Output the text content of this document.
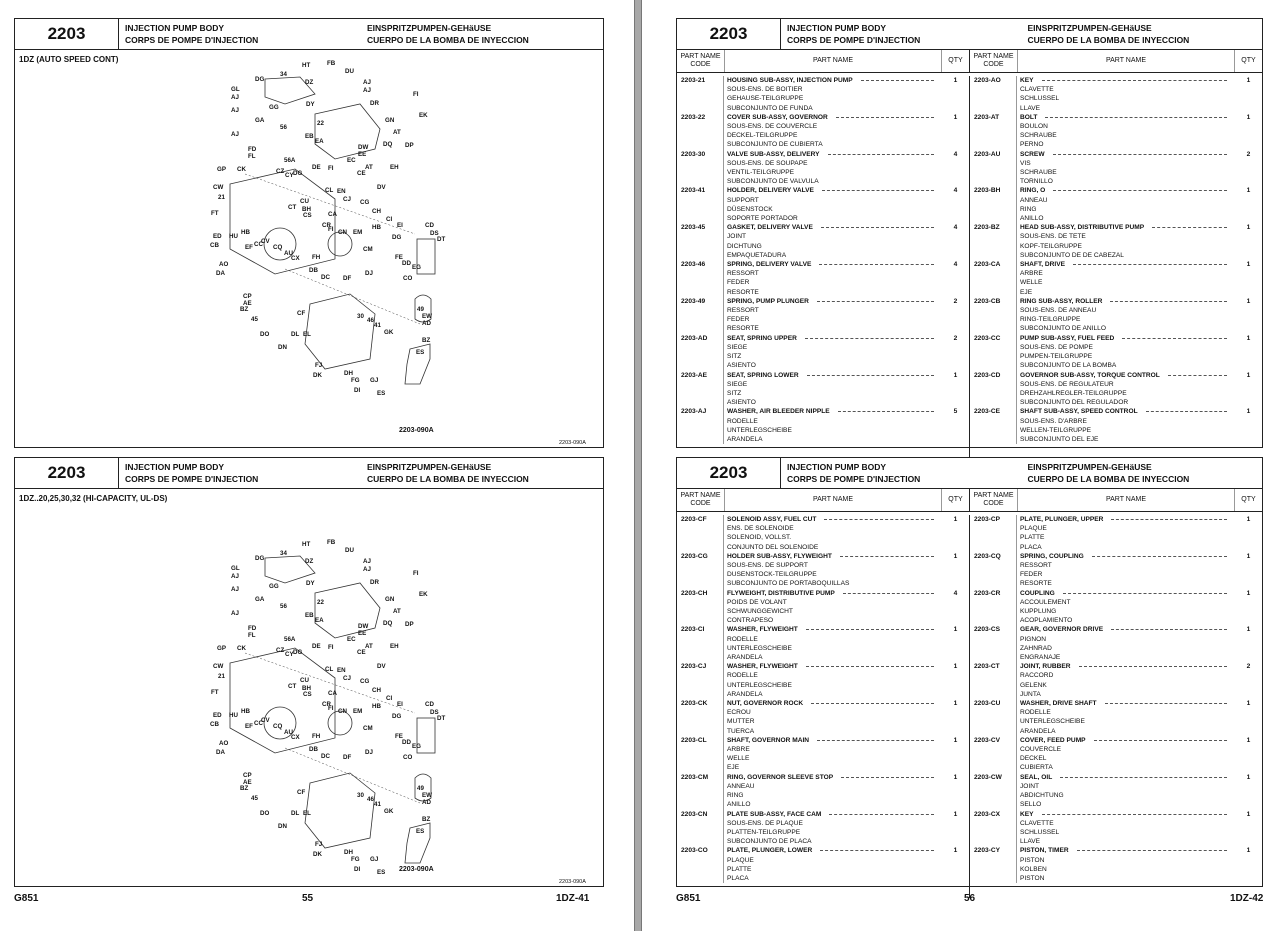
2203	INJECTION PUMP BODY
CORPS DE POMPE D'INJECTION
EINSPRITZPUMPEN-GEHäUSE
CUERPO DE LA BOMBA DE INYECCION
1DZ (AUTO SPEED CONT)
HT	FB
DU
34
DG	DZ	AJ
AJ
GL
AJ
GG	DY	DR
FI
AJ
GA	22	GN
EK
56
AT
AJ	EB
EA	DQ DP
FD
FL
DW
EE
56A	EC
AT	EH
GP CK	CZ
CY DG
DE FI
CE
CW
21
DV
CL EN
CU
BH
CJ CG
CH
FT
CT
CS	CA
CI
EI	CD
DS
DT
ED HU
HB
CB
CR
FI	HB
EF CC
CV
CQ
CN EM
CM
DG
AO
AU
CX FH	FE
DD
DA	DB
DC DF
DJ
EG
CO
CP
AE
BZ
CF
49
45	30
46
41
GK
EW
AD
DO	DL EL
DN
FJ
BZ
DK	DH
FG GJ
ES
DI	ES
2203-090A
2203-090A
2203	INJECTION PUMP BODY
CORPS DE POMPE D'INJECTION
EINSPRITZPUMPEN-GEHäUSE
CUERPO DE LA BOMBA DE INYECCION
1DZ..20,25,30,32 (HI-CAPACITY, UL-DS)
HT	FB
DU
34
DG	DZ	AJ
AJ
GL
AJ
GG	DY	DR
FI
AJ
GA	22	GN
EK
56
AT
AJ	EB
EA	DQ DP
FD
FL
DW
EE
56A	EC
AT	EH
GP CK	CZ
CY DG
DE FI
CE
CW
21
DV
CL EN
CU
BH
CJ CG
CH
FT
CT
CS	CA
CI
EI	CD
DS
DT
ED HU
HB
CB
CR
FI	HB
EF CC
CV
CQ
CN EM
CM
DG
AO
AU
CX FH	FE
DD
DA	DB
DC DF
DJ
EG
CO
CP
AE
BZ
CF
49
45	30
46
41
GK
EW
AD
DO	DL EL
DN
FJ
BZ
DK	DH
FG GJ
ES
DI	ES 2203-090A
2203-090A
G851	55	1DZ-41
2203	INJECTION PUMP BODY
CORPS DE POMPE D'INJECTION
EINSPRITZPUMPEN-GEHäUSE
CUERPO DE LA BOMBA DE INYECCION
PART NAME CODE
PART NAME	QTY
PART NAME CODE
PART NAME	QTY
2203-21	HOUSING SUB-ASSY, INJECTION PUMP
SOUS-ENS. DE BOITIER
GEHAUSE-TEILGRUPPE
SUBCONJUNTO DE FUNDA
1
2203-22	COVER SUB-ASSY, GOVERNOR
SOUS-ENS. DE COUVERCLE
DECKEL-TEILGRUPPE
SUBCONJUNTO DE CUBIERTA
1
2203-30	VALVE SUB-ASSY, DELIVERY
SOUS-ENS. DE SOUPAPE
VENTIL-TEILGRUPPE
SUBCONJUNTO DE VALVULA
4
2203-41	HOLDER, DELIVERY VALVE
SUPPORT
DÜSENSTOCK
SOPORTE PORTADOR
4
2203-45	GASKET, DELIVERY VALVE
JOINT
DICHTUNG
EMPAQUETADURA
4
2203-46	SPRING, DELIVERY VALVE
RESSORT
FEDER
RESORTE
4
2203-49	SPRING, PUMP PLUNGER
RESSORT
FEDER
RESORTE
2
2203-AD	SEAT, SPRING UPPER
SIEGE
SITZ
ASIENTO
2
2203-AE	SEAT, SPRING LOWER
SIEGE
SITZ
ASIENTO
1
2203-AJ	WASHER, AIR BLEEDER NIPPLE
RODELLE
UNTERLEGSCHEIBE
ARANDELA
5
2203-AO	KEY
CLAVETTE
SCHLUSSEL
LLAVE
1
2203-AT	BOLT
BOULON
SCHRAUBE
PERNO
1
2203-AU	SCREW
VIS
SCHRAUBE
TORNILLO
2
2203-BH	RING, O
ANNEAU
RING
ANILLO
1
2203-BZ	HEAD SUB-ASSY, DISTRIBUTIVE PUMP
SOUS-ENS. DE TETE
KOPF-TEILGRUPPE
SUBCONJUNTO DE DE CABEZAL
1
2203-CA	SHAFT, DRIVE
ARBRE
WELLE
EJE
1
2203-CB	RING SUB-ASSY, ROLLER
SOUS-ENS. DE ANNEAU
RING-TEILGRUPPE
SUBCONJUNTO DE ANILLO
1
2203-CC	PUMP SUB-ASSY, FUEL FEED
SOUS-ENS. DE POMPE
PUMPEN-TEILGRUPPE
SUBCONJUNTO DE LA BOMBA
1
2203-CD	GOVERNOR SUB-ASSY, TORQUE CONTROL
SOUS-ENS. DE REGULATEUR
DREHZAHLREGLER-TEILGRUPPE
SUBCONJUNTO DEL REGULADOR
1
2203-CE	SHAFT SUB-ASSY, SPEED CONTROL
SOUS-ENS. D'ARBRE
WELLEN-TEILGRUPPE
SUBCONJUNTO DEL EJE
1
2203	INJECTION PUMP BODY
CORPS DE POMPE D'INJECTION
EINSPRITZPUMPEN-GEHäUSE
CUERPO DE LA BOMBA DE INYECCION
PART NAME CODE
PART NAME	QTY
PART NAME CODE
PART NAME	QTY
2203-CF	SOLENOID ASSY, FUEL CUT
ENS. DE SOLENOIDE
SOLENOID, VOLLST.
CONJUNTO DEL SOLENOIDE
1
2203-CG	HOLDER SUB-ASSY, FLYWEIGHT
SOUS-ENS. DE SUPPORT
DUSENSTOCK-TEILGRUPPE
SUBCONJUNTO DE PORTABOQUILLAS
1
2203-CH	FLYWEIGHT, DISTRIBUTIVE PUMP
POIDS DE VOLANT
SCHWUNGGEWICHT
CONTRAPESO
4
2203-CI	WASHER, FLYWEIGHT
RODELLE
UNTERLEGSCHEIBE
ARANDELA
1
2203-CJ	WASHER, FLYWEIGHT
RODELLE
UNTERLEGSCHEIBE
ARANDELA
1
2203-CK	NUT, GOVERNOR ROCK
ECROU
MUTTER
TUERCA
1
2203-CL	SHAFT, GOVERNOR MAIN
ARBRE
WELLE
EJE
1
2203-CM	RING, GOVERNOR SLEEVE STOP
ANNEAU
RING
ANILLO
1
2203-CN	PLATE SUB-ASSY, FACE CAM
SOUS-ENS. DE PLAQUE
PLATTEN-TEILGRUPPE
SUBCONJUNTO DE PLACA
1
2203-CO	PLATE, PLUNGER, LOWER
PLAQUE
PLATTE
PLACA
1
2203-CP	PLATE, PLUNGER, UPPER
PLAQUE
PLATTE
PLACA
1
2203-CQ	SPRING, COUPLING
RESSORT
FEDER
RESORTE
1
2203-CR	COUPLING
ACCOULEMENT
KUPPLUNG
ACOPLAMIENTO
1
2203-CS	GEAR, GOVERNOR DRIVE
PIGNON
ZAHNRAD
ENGRANAJE
1
2203-CT	JOINT, RUBBER
RACCORD
GELENK
JUNTA
2
2203-CU	WASHER, DRIVE SHAFT
RODELLE
UNTERLEGSCHEIBE
ARANDELA
1
2203-CV	COVER, FEED PUMP
COUVERCLE
DECKEL
CUBIERTA
1
2203-CW	SEAL, OIL
JOINT
ABDICHTUNG
SELLO
1
2203-CX	KEY
CLAVETTE
SCHLUSSEL
LLAVE
1
2203-CY	PISTON, TIMER
PISTON
KOLBEN
PISTON
1
G851	56	1DZ-42
